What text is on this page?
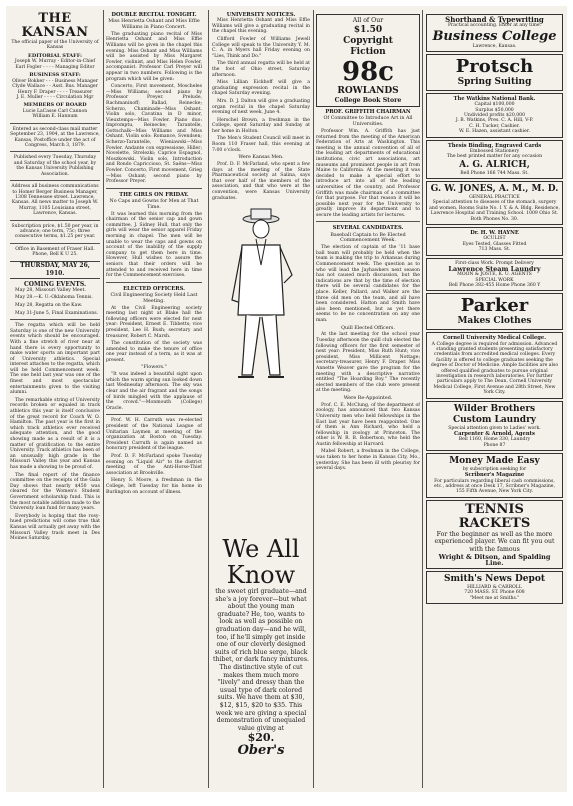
THE KANSAN
The official paper of the University of Kansas
EDITORIAL STAFF:
Joseph W. Murray - Editor-in-Chief
Earl Fogler - - - - Managing Editor
BUSINESS STAFF:
Oliver Bokker - - - Business Manager
Clyde Wallace - - Asst. Bus. Manager
Henry F. Draper - - - - Treasurer
J. E. Muller - - - - Circulation Mgr
MEMBERS OF BOARD
Lucie LaCasse Carl Cannon
William E. Hannum
Entered as second-class mail matter September 23, 1904, at the Lawrence, Kansas, Postoffice under the act of Congress, March 3, 1879.
Published every Tuesday, Thursday and Saturday of the school year, by the Kansas University Publishing Association.
Address all business communications to Homer Berger Business Manager, 1308 Tennessee street. Lawrence, Kansas. All news matter to Joseph W. Murray, 1105 Louisiana street, Lawrence, Kansas.
Subscription price, $1.50 per year, in advance; one term, 75c; three consecutive terms, $1.25 per year.
Office in Basement of Fraser Hall. Phone, Bell K U 25.
THURSDAY, MAY 26, 1910.
COMING EVENTS.

May 28, Missouri Valley Meet.

May 28.—K. U.-Oklahoma Tennis.

May 28, Regatta on the Kaw.

May 31-June 5, Final Examinations.

The regatta which will be held Saturday is one of the new University events which should be encouraged. With a fine stretch of river near at hand there is every opportunity to make water sports an important part of University athletics. Special interest attaches to the regatta, which will be held Commencement week. The one held last year was one of the finest and most spectacular entertainments given to the visiting alumni.

The remarkable string of University records broken or equaled in track athletics this year is itself conclusive of the great record for Coach W. O. Hamilton. The past year is the first in which track athletics ever received adequate attention, and the good showing made as a result of it is a matter of gratification to the entire University. Track athletics has been of an unusually high grade in the Missouri Valley this year and Kansas has made a showing to be proud of.

The final report of the finance committee on the receipts of the Gala Day shows that nearly $450 was cleared for the Women's Student Government scholarship fund. This is the most notable addition made to the University loan fund for many years.

Everybody is hoping that the rosy-hued predictions will come true that Kansas will actually get away with the Missouri Valley track meet in Des Moines Saturday.

DOUBLE RECITAL TONIGHT.
Miss Henrietta Oshant and Miss Effie Williams in Piano Concert.

The graduating piano recital of Miss Henrietta Oshant and Miss Effie Williams will be given in the chapel this evening. Miss Oshant and Miss Williams will be assisted by Miss Margaret Fowler, violinist, and Miss Helen Fowler, accompanist. Professor Carl Preyer will appear in two numbers. Following is the program which will be given:

Concerto, First movement, Moscheles—Miss Williams; second piano by Professor Preyer. Prelude, Rachmaninoff; Ballad, Reinecke; Scherzo, Chaminade—Miss Oshant. Violin solo, Cavatina in D minor, Vieuxtemps—Miss Fowler. Piano duo: Impromptu, Reinecke; Tarantelle, Gottschalk—Miss Williams and Miss Oshant. Violin solo: Romance, Svendsen; Scherzo-Tarantelle, Wieniawski—Miss Fowler. Andante con expressione, Hiller; Novelette, Strelezki; Caprice Espagnol, Moszkowski. Violin solo, Introduction and Rondo Capriccioso, St. Saëns—Miss Fowler. Concerto, First movement, Grieg—Miss Oshant; second piano by Professor Preyer.

THE GIRLS ON FRIDAY.
No Caps and Gowns for Men at That Time.

It was learned this morning from the chairman of the senior cap and gown committee, J. Sidney Hull, that only the girls will wear the senior apparel Friday morning in chapel. The men will be unable to wear the caps and gowns on account of the inability of the supply company to get them here in time. However, Hull wishes to assure the seniors that their orders will be attended to and received here in time for the Commencement exercises.

ELECTED OFFICERS.
Civil Engineering Society Held Last Meeting.

At the Civil Engineering society meeting last night at Blake hall the following officers were elected for next year: President, Ernest E. Tibbetts; vice president, Lee H. Bush; secretary and treasurer, Robert C. Marsh.

The constitution of the society was amended to make the tenure of office one year instead of a term, as it was at present.

"Flowers."

"It was indeed a beautiful sight upon which the warm spring sun looked down last Wednesday afternoon. The sky was clear and the air fragrant and the songs of birds mingled with the applause of the crowd."—Monmouth (College) Oracle.

Prof. W. H. Carruth was re-elected president of the National League of Unitarian Laymen at meeting of the organization at Boston on Tuesday. President Carruth is again named as honorary president of the league.

Prof. D. F. McFarland spoke Tuesday evening on "Liquid Air" to the district meeting of the Anti-Horse-Thief association at Brookville.

Henry S. Moore, a freshman in the College, left Tuesday for his home in Burlington on account of illness.

UNIVERSITY NOTICES.

Miss Henrietta Oshant and Miss Effie Williams will give a graduating recital in the chapel this evening.

Clifford Fowler of Williams Jewell College will speak to the University Y. M. C. A. in Myers hall Friday evening on "Lies, Think and Do."

The third annual regatta will be held at the foot of Ohio street, Saturday afternoon.

Miss Lillian Eickhoff will give a graduating expression recital in the chapel Saturday evening.

Mrs. D. J. Dalton will give a graduating organ recital in the chapel Saturday evening of next week, June 4.

Herschel Brown, a freshman in the College, spent Saturday and Sunday at her home in Holton.

The Men's Student Council will meet in Room 110 Fraser hall, this evening at 7:00 o'clock.

Were Kansas Men.

Prof. D. F. McFarland, who spent a few days at the meeting of the State Pharmaceutical society at Salina, says that over half of the members of the association, and that who were at the convention, were Kansas University graduates.

All of Our
$1.50
Copyright
Fiction
98c
ROWLANDS
College Book Store
PROF. GRIFFITH CHAIRMAN
Of Committee to Introduce Art in All Universities.

Professor Wm. A. Griffith has just returned from the meeting of the American Federation of Arts at Washington. This meeting is the annual convention of all of the leading art departments of educational institutions, civic art associations, art museums and prominent people in art from Maine to California. At the meeting it was decided to make a special effort to introduce art into all of the leading universities of the country, and Professor Griffith was made chairman of a committee for that purpose. For that reason it will be possible next year for the University to greatly improve its department and to secure the leading artists for lectures.

SEVERAL CANDIDATES.
Baseball Captain to Be Elected Commencement Week.

The election of captain of the '11 base ball team will probably be held when the team is making the trip to Arkansas during Commencement week. The question as to who will lead the Jayhawkers next season has not caused much discussion, but the indications are that by the time of election there will be several candidates for the place. Keller, Pallard, and Walker are the three old men on the team, and all have been considered. Hatton and Smith have also been mentioned, but as yet there seems to be no concentration on any one man.

Quill Elected Officers.

At the last meeting for the school year Tuesday afternoon the quill club elected the following officers for the first semester of next year: President, Miss Ruth Hunt; vice president, Miss Millicent Nottage; secretary-treasurer, Henry F. Draper. Miss Annette Weaver gave the program for the meeting with a descriptive narrative entitled "The Hoarding Boy." The recently elected members of the club were present at the meeting.

Were Re-Appointed.

Prof. C. E. McClung, of the department of zoology, has announced that two Kansas University men who held fellowships in the East last year have been reappointed. One of them is Ann Richard, who held a fellowship in zoology at Princeton. The other is W. R. B. Robertson, who held the Austin fellowship at Harvard.

Mabel Robert, a freshman in the College, was taken to her home in Kansas City, Mo., yesterday. She has been ill with pleurisy for several days.

We All Know
the sweet girl graduate—and she's a joy forever—but what about the young man graduate? He, too, wants to look as well as possible on graduation day—and he will, too, if he'll simply get inside one of our cleverly designed suits of rich blue serge, black thibet, or dark fancy mixtures. The distinctive style of cut makes them much more "lively" and dressy than the usual type of dark colored suits. We have them at $30, $12, $15, $20 to $35. This week we are giving a special demonstration of unequaled value giving at
$20.
Ober's
Shorthand & Typewriting
Practical accounting. Enter at any time.
Business College
Lawrence, Kansas.
Protsch
Spring Suiting
The Watkins National Bank.
Capital $100,000
Surplus $50,000
Undivided profits $20,000
J. B. Watkins, Pres. C. A. Hill, V-P.
C. H. Tucker, Cashier.
W. E. Hazen, assistant cashier.
Thesis Binding, Engraved Cards
Embossed Stationery
The best printed matter for any occasion
A. G. ALRICH,
Bell Phone 166 744 Mass. St.
G. W. JONES, A. M., M. D.
GENERAL PRACTICE
Special attention to diseases of the stomach, surgery and women. Rooms Suite No. 1 Y. & A. Bldg. Residence, Lawrence Hospital and Training School. 1009 Ohio St. Both Phones No. 30.
Dr. H. W. HAYNE
OCULIST
Eyes Tested, Glasses Fitted
713 Mass. St.
First-class Work. Prompt Delivery
Lawrence Steam Laundry
MOON & JOSTE, K. U. AGENTS
SPECIAL WORK
Bell Phone 382-455 Home Phone 360 Y
Parker
Makes Clothes
Cornell University Medical College.
A College degree is required for admission. Advanced standing granted students presenting satisfactory credentials from accredited medical colleges. Every facility is offered to college graduates seeking the degree of Doctor of Medicine. Ample facilities are also offered qualified graduates to pursue original investigation in research laboratories. For further particulars apply to The Dean, Cornell University Medical College, First Avenue and 28th Street, New York City.
Wilder Brothers
Custom Laundry
Special attention given to Ladies' work.
Carpenter & Arnold, Agents
Bell 1160, Home 330, Laundry
Phone 87
Money Made Easy
by subscription seeking for
Scribner's Magazine
For particulars regarding liberal cash commissions, etc., address at once Desk 17, Scribner's Magazine, 155 Fifth Avenue, New York City.
TENNIS
RACKETS
For the beginner as well as the more experienced player. We can fit you out with the famous
Wright & Ditson, and Spalding Line.
Smith's News Depot
HILLIARD & CARROLL
720 MASS. ST. Phone 608
"Meet me at Smiths."
